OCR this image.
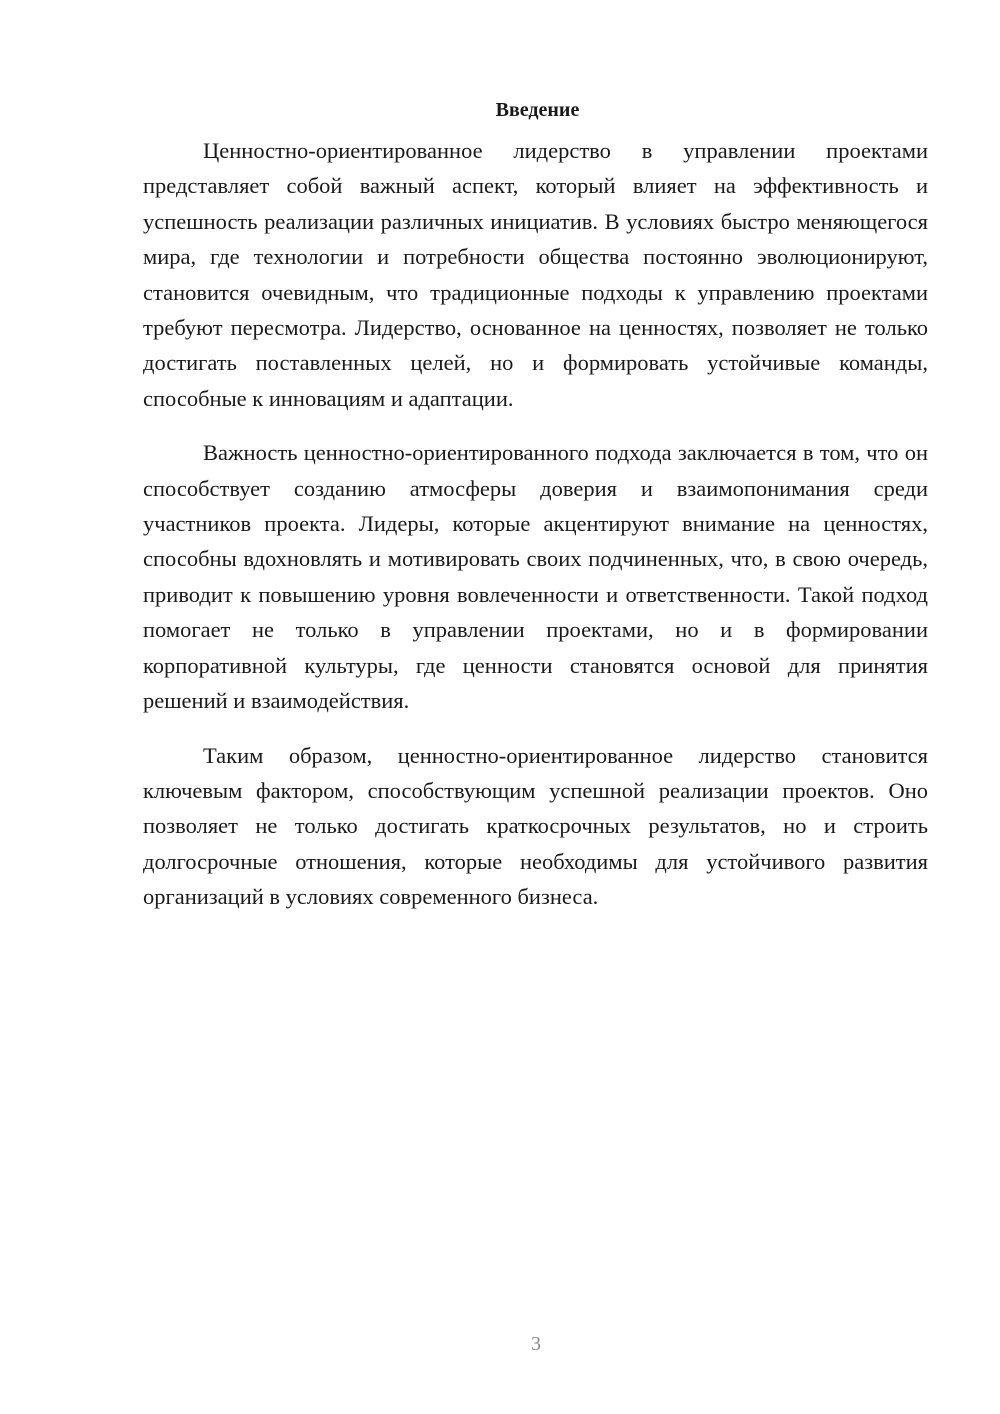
Введение

Ценностно-ориентированное лидерство в управлении проектами представляет собой важный аспект, который влияет на эффективность и успешность реализации различных инициатив. В условиях быстро меняющегося мира, где технологии и потребности общества постоянно эволюционируют, становится очевидным, что традиционные подходы к управлению проектами требуют пересмотра. Лидерство, основанное на ценностях, позволяет не только достигать поставленных целей, но и формировать устойчивые команды, способные к инновациям и адаптации.

Важность ценностно-ориентированного подхода заключается в том, что он способствует созданию атмосферы доверия и взаимопонимания среди участников проекта. Лидеры, которые акцентируют внимание на ценностях, способны вдохновлять и мотивировать своих подчиненных, что, в свою очередь, приводит к повышению уровня вовлеченности и ответственности. Такой подход помогает не только в управлении проектами, но и в формировании корпоративной культуры, где ценности становятся основой для принятия решений и взаимодействия.

Таким образом, ценностно-ориентированное лидерство становится ключевым фактором, способствующим успешной реализации проектов. Оно позволяет не только достигать краткосрочных результатов, но и строить долгосрочные отношения, которые необходимы для устойчивого развития организаций в условиях современного бизнеса.

3
